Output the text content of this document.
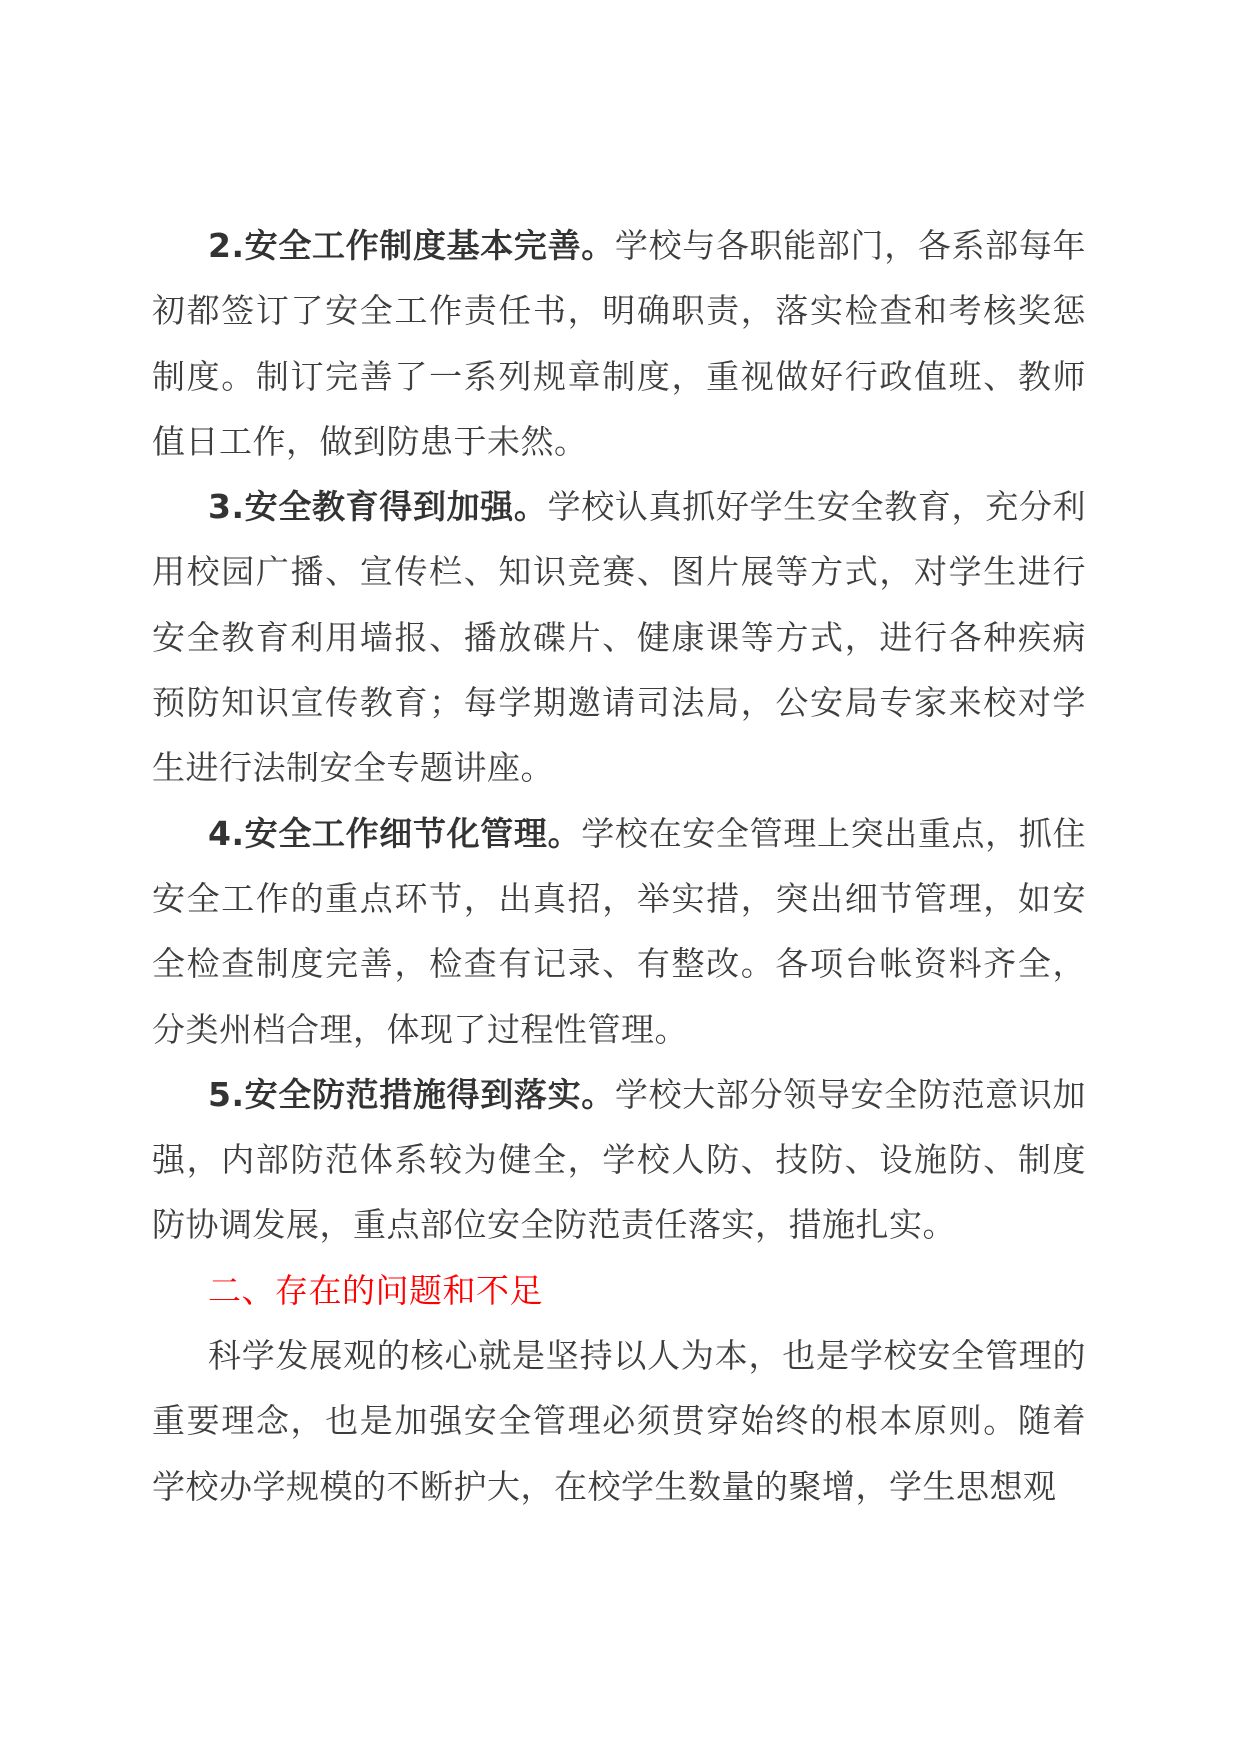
2.安全工作制度基本完善。学校与各职能部门，各系部每年初都签订了安全工作责任书，明确职责，落实检查和考核奖惩制度。制订完善了一系列规章制度，重视做好行政值班、教师值日工作，做到防患于未然。

3.安全教育得到加强。学校认真抓好学生安全教育，充分利用校园广播、宣传栏、知识竞赛、图片展等方式，对学生进行安全教育利用墙报、播放碟片、健康课等方式，进行各种疾病预防知识宣传教育；每学期邀请司法局，公安局专家来校对学生进行法制安全专题讲座。

4.安全工作细节化管理。学校在安全管理上突出重点，抓住安全工作的重点环节，出真招，举实措，突出细节管理，如安全检查制度完善，检查有记录、有整改。各项台帐资料齐全，分类州档合理，体现了过程性管理。

5.安全防范措施得到落实。学校大部分领导安全防范意识加强，内部防范体系较为健全，学校人防、技防、设施防、制度防协调发展，重点部位安全防范责任落实，措施扎实。

二、存在的问题和不足

科学发展观的核心就是坚持以人为本，也是学校安全管理的重要理念，也是加强安全管理必须贯穿始终的根本原则。随着学校办学规模的不断护大，在校学生数量的聚增，学生思想观
